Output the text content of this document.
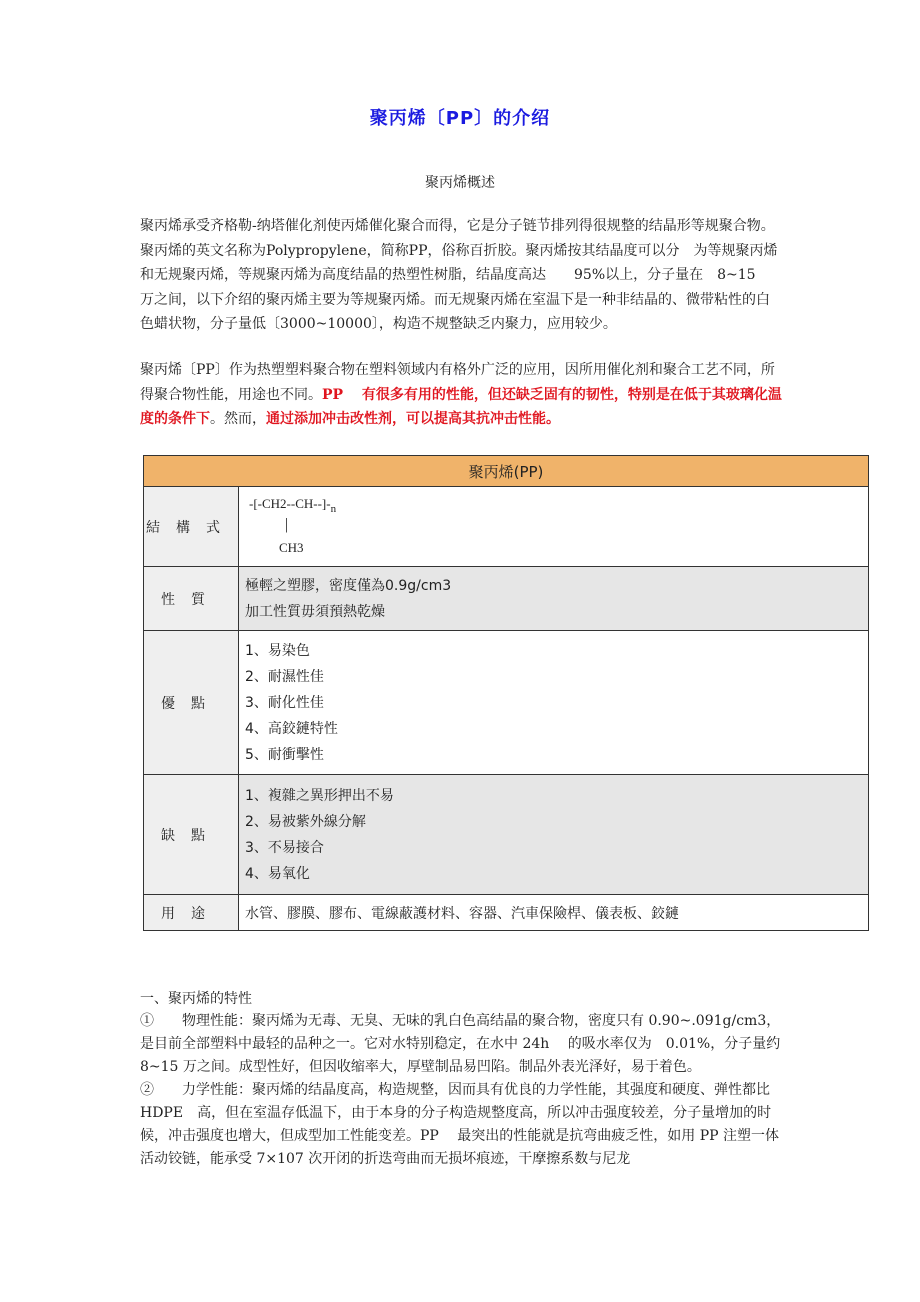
聚丙烯〔PP〕的介绍
聚丙烯概述

聚丙烯承受齐格勒-纳塔催化剂使丙烯催化聚合而得，它是分子链节排列得很规整的结晶形等规聚合物。聚丙烯的英文名称为Polypropylene，简称PP，俗称百折胶。聚丙烯按其结晶度可以分　为等规聚丙烯和无规聚丙烯，等规聚丙烯为高度结晶的热塑性树脂，结晶度高达　　95%以上，分子量在　8~15　万之间，以下介绍的聚丙烯主要为等规聚丙烯。而无规聚丙烯在室温下是一种非结晶的、微带粘性的白色蜡状物，分子量低〔3000~10000〕，构造不规整缺乏内聚力，应用较少。

聚丙烯〔PP〕作为热塑塑料聚合物在塑料领域内有格外广泛的应用，因所用催化剂和聚合工艺不同，所得聚合物性能，用途也不同。PP　 有很多有用的性能，但还缺乏固有的韧性，特别是在低于其玻璃化温度的条件下。然而，通过添加冲击改性剂，可以提高其抗冲击性能。

聚丙烯(PP)	
結構式	$-[-CH2--CH--]-_n$
|
CH3

性質	極輕之塑膠，密度僅為0.9g/cm3
加工性質毋須預熱乾燥

優點	1、易染色
2、耐濕性佳
3、耐化性佳
4、高鉸鏈特性
5、耐衝擊性

缺點	1、複雜之異形押出不易
2、易被紫外線分解
3、不易接合
4、易氧化

用途	水管、膠膜、膠布、電線蔽護材料、容器、汽車保險桿、儀表板、鉸鏈
一、聚丙烯的特性
①　　物理性能：聚丙烯为无毒、无臭、无味的乳白色高结晶的聚合物，密度只有 0.90~.091g/cm3，是目前全部塑料中最轻的品种之一。它对水特别稳定，在水中 24h　 的吸水率仅为　0.01%，分子量约 8~15 万之间。成型性好，但因收缩率大，厚壁制品易凹陷。制品外表光泽好，易于着色。
②　　力学性能：聚丙烯的结晶度高，构造规整，因而具有优良的力学性能，其强度和硬度、弹性都比　HDPE　高，但在室温存低温下，由于本身的分子构造规整度高，所以冲击强度较差，分子量增加的时候，冲击强度也增大，但成型加工性能变差。PP　 最突出的性能就是抗弯曲疲乏性，如用 PP 注塑一体活动铰链，能承受 7×107 次开闭的折迭弯曲而无损坏痕迹，干摩擦系数与尼龙
